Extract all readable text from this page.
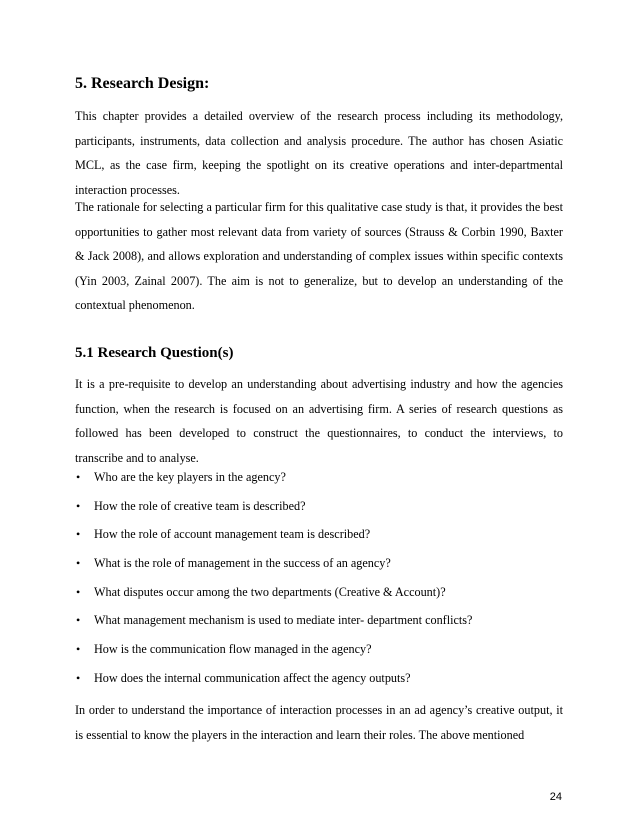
5. Research Design:

This chapter provides a detailed overview of the research process including its methodology, participants, instruments, data collection and analysis procedure. The author has chosen Asiatic MCL, as the case firm, keeping the spotlight on its creative operations and inter-departmental interaction processes.

The rationale for selecting a particular firm for this qualitative case study is that, it provides the best opportunities to gather most relevant data from variety of sources (Strauss & Corbin 1990, Baxter & Jack 2008), and allows exploration and understanding of complex issues within specific contexts (Yin 2003, Zainal 2007). The aim is not to generalize, but to develop an understanding of the contextual phenomenon.

5.1 Research Question(s)

It is a pre-requisite to develop an understanding about advertising industry and how the agencies function, when the research is focused on an advertising firm. A series of research questions as followed has been developed to construct the questionnaires, to conduct the interviews, to transcribe and to analyse.

• Who are the key players in the agency?
• How the role of creative team is described?
• How the role of account management team is described?
• What is the role of management in the success of an agency?
• What disputes occur among the two departments (Creative & Account)?
• What management mechanism is used to mediate inter- department conflicts?
• How is the communication flow managed in the agency?
• How does the internal communication affect the agency outputs?

In order to understand the importance of interaction processes in an ad agency’s creative output, it is essential to know the players in the interaction and learn their roles. The above mentioned

24
